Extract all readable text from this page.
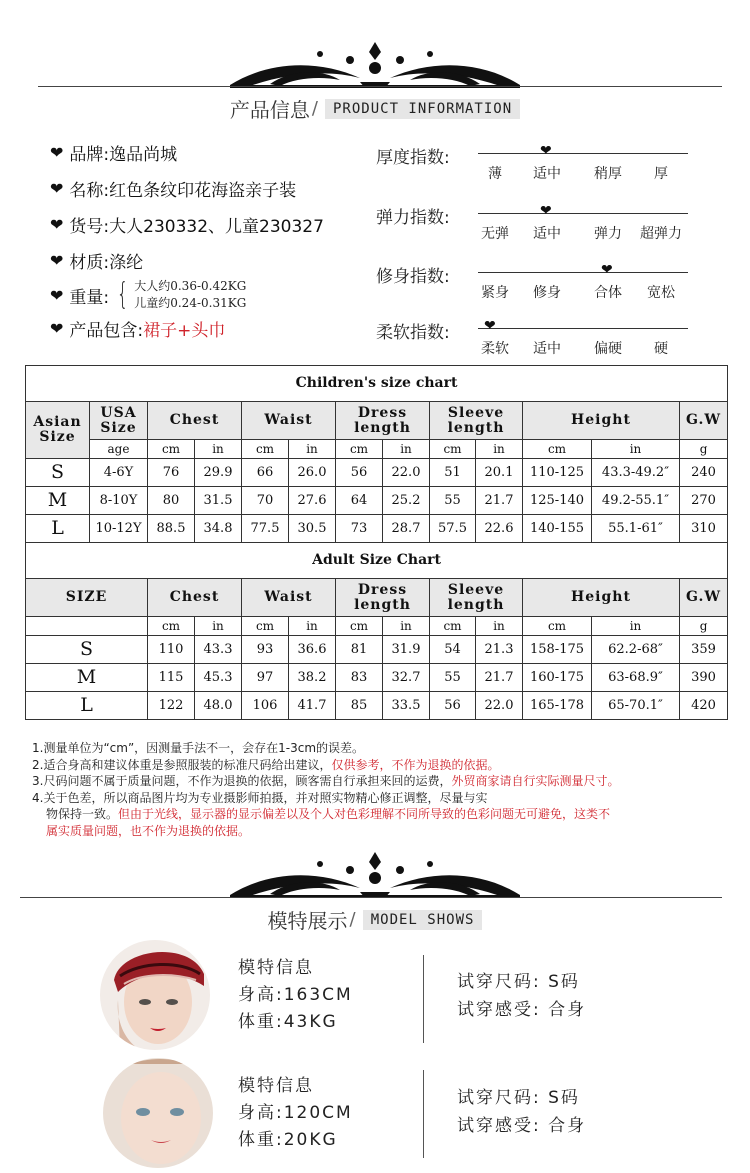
产品信息 / PRODUCT INFORMATION
❤ 品牌: 逸品尚城
❤ 名称: 红色条纹印花海盗亲子装
❤ 货号: 大人230332、儿童230327
❤ 材质: 涤纶
❤ 重量: { 大人约0.36-0.42KG
儿童约0.24-0.31KG
❤ 产品包含: 裙子+头巾
厚度指数:
薄	适中	稍厚	厚
❤
弹力指数:
无弹	适中	弹力	超弹力
❤
修身指数:
紧身	修身	合体	宽松
❤
柔软指数:
柔软	适中	偏硬	硬
❤
Children's size chart												
Asian Size	USA Size	Chest		Waist		Dress length		Sleeve length		Height		G.W
	age	cm	in	cm	in	cm	in	cm	in	cm	in	g
S	4-6Y	76	29.9	66	26.0	56	22.0	51	20.1	110-125	43.3-49.2″	240
M	8-10Y	80	31.5	70	27.6	64	25.2	55	21.7	125-140	49.2-55.1″	270
L	10-12Y	88.5	34.8	77.5	30.5	73	28.7	57.5	22.6	140-155	55.1-61″	310
Adult Size Chart												
SIZE		Chest		Waist		Dress length		Sleeve length		Height		G.W
		cm	in	cm	in	cm	in	cm	in	cm	in	g
S		110	43.3	93	36.6	81	31.9	54	21.3	158-175	62.2-68″	359
M		115	45.3	97	38.2	83	32.7	55	21.7	160-175	63-68.9″	390
L		122	48.0	106	41.7	85	33.5	56	22.0	165-178	65-70.1″	420
1.测量单位为“cm”，因测量手法不一，会存在1-3cm的误差。
2.适合身高和建议体重是参照服装的标准尺码给出建议，仅供参考，不作为退换的依据。
3.尺码问题不属于质量问题，不作为退换的依据，顾客需自行承担来回的运费，外贸商家请自行实际测量尺寸。
4.关于色差，所以商品图片均为专业摄影师拍摄，并对照实物精心修正调整，尽量与实
物保持一致。但由于光线，显示器的显示偏差以及个人对色彩理解不同所导致的色彩问题无可避免，这类不
属实质量问题，也不作为退换的依据。
模特展示 / MODEL SHOWS
模特信息
身高:163CM
体重:43KG
试穿尺码: S码
试穿感受: 合身
模特信息
身高:120CM
体重:20KG
试穿尺码: S码
试穿感受: 合身
